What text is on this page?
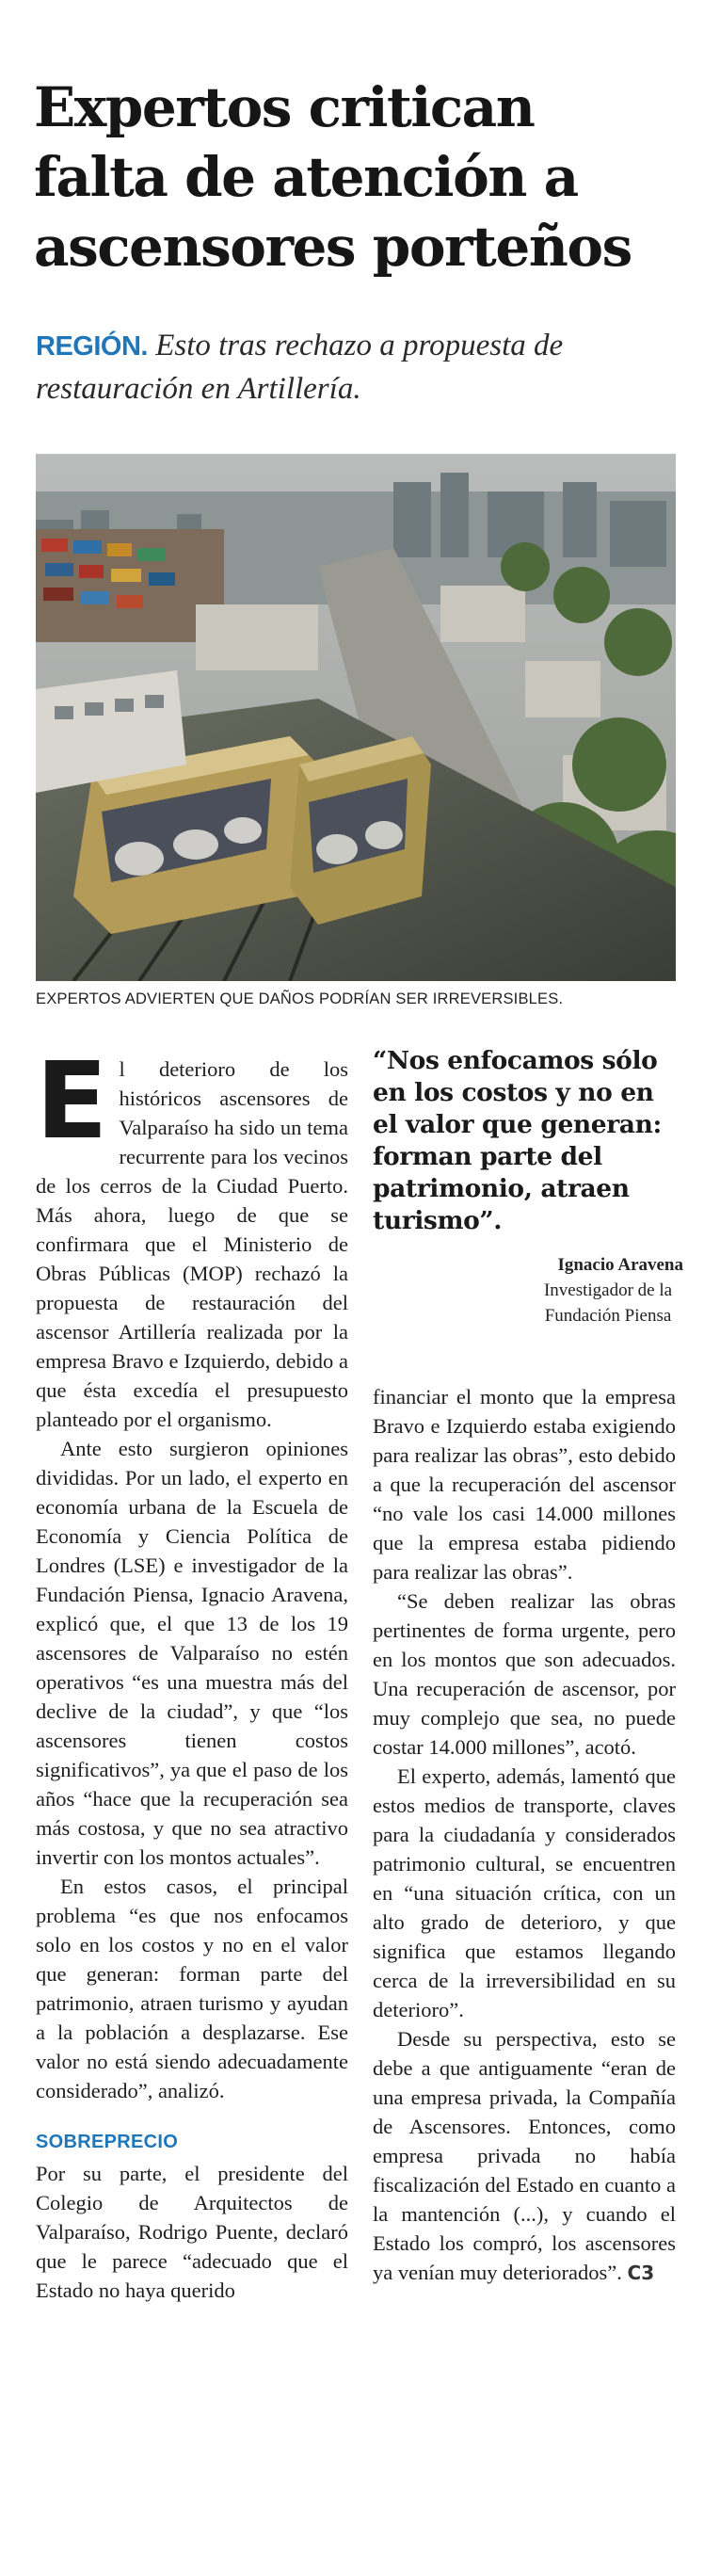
Expertos critican
falta de atención a
ascensores porteños
REGIÓN. Esto tras rechazo a propuesta de restauración en Artillería.
EXPERTOS ADVIERTEN QUE DAÑOS PODRÍAN SER IRREVERSIBLES.

El deterioro de los históricos ascensores de Valparaíso ha sido un tema recurrente para los vecinos de los cerros de la Ciudad Puerto. Más ahora, luego de que se confirmara que el Ministerio de Obras Públicas (MOP) rechazó la propuesta de restauración del ascensor Artillería realizada por la empresa Bravo e Izquierdo, debido a que ésta excedía el presupuesto planteado por el organismo.

Ante esto surgieron opiniones divididas. Por un lado, el experto en economía urbana de la Escuela de Economía y Ciencia Política de Londres (LSE) e investigador de la Fundación Piensa, Ignacio Aravena, explicó que, el que 13 de los 19 ascensores de Valparaíso no estén operativos “es una muestra más del declive de la ciudad”, y que “los ascensores tienen costos significativos”, ya que el paso de los años “hace que la recuperación sea más costosa, y que no sea atractivo invertir con los montos actuales”.

En estos casos, el principal problema “es que nos enfocamos solo en los costos y no en el valor que generan: forman parte del patrimonio, atraen turismo y ayudan a la población a desplazarse. Ese valor no está siendo adecuadamente considerado”, analizó.

SOBREPRECIO

Por su parte, el presidente del Colegio de Arquitectos de Valparaíso, Rodrigo Puente, declaró que le parece “adecuado que el Estado no haya querido

“Nos enfocamos sólo en los costos y no en el valor que generan: forman parte del patrimonio, atraen turismo”.
Ignacio Aravena
Investigador de la Fundación Piensa

financiar el monto que la empresa Bravo e Izquierdo estaba exigiendo para realizar las obras”, esto debido a que la recuperación del ascensor “no vale los casi 14.000 millones que la empresa estaba pidiendo para realizar las obras”.

“Se deben realizar las obras pertinentes de forma urgente, pero en los montos que son adecuados. Una recuperación de ascensor, por muy complejo que sea, no puede costar 14.000 millones”, acotó.

El experto, además, lamentó que estos medios de transporte, claves para la ciudadanía y considerados patrimonio cultural, se encuentren en “una situación crítica, con un alto grado de deterioro, y que significa que estamos llegando cerca de la irreversibilidad en su deterioro”.

Desde su perspectiva, esto se debe a que antiguamente “eran de una empresa privada, la Compañía de Ascensores. Entonces, como empresa privada no había fiscalización del Estado en cuanto a la mantención (...), y cuando el Estado los compró, los ascensores ya venían muy deteriorados”. C3
